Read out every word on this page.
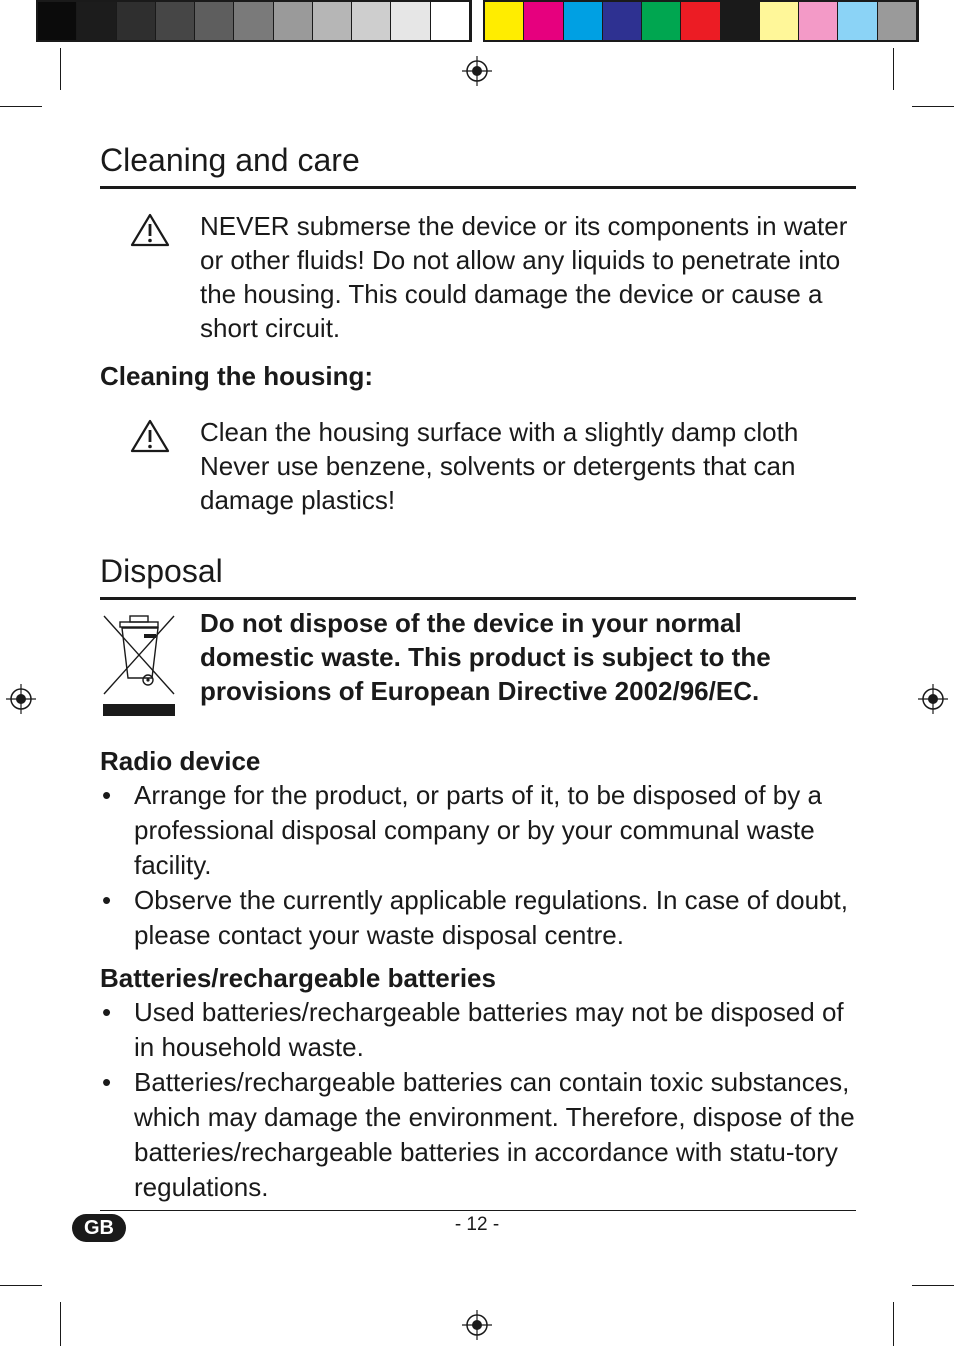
Cleaning and care
NEVER submerse the device or its components in water or other fluids! Do not allow any liquids to penetrate into the housing. This could damage the device or cause a short circuit.
Cleaning the housing:
Clean the housing surface with a slightly damp cloth Never use benzene, solvents or detergents that can damage plastics!
Disposal
Do not dispose of the device in your normal domestic waste. This product is subject to the provisions of European Directive 2002/96/EC.
Radio device
• Arrange for the product, or parts of it, to be disposed of by a professional disposal company or by your communal waste facility.
• Observe the currently applicable regulations. In case of doubt, please contact your waste disposal centre.
Batteries/rechargeable batteries
• Used batteries/rechargeable batteries may not be disposed of in household waste.
• Batteries/rechargeable batteries can contain toxic substances, which may damage the environment. Therefore, dispose of the batteries/rechargeable batteries in accordance with statu-tory regulations.
GB	- 12 -
